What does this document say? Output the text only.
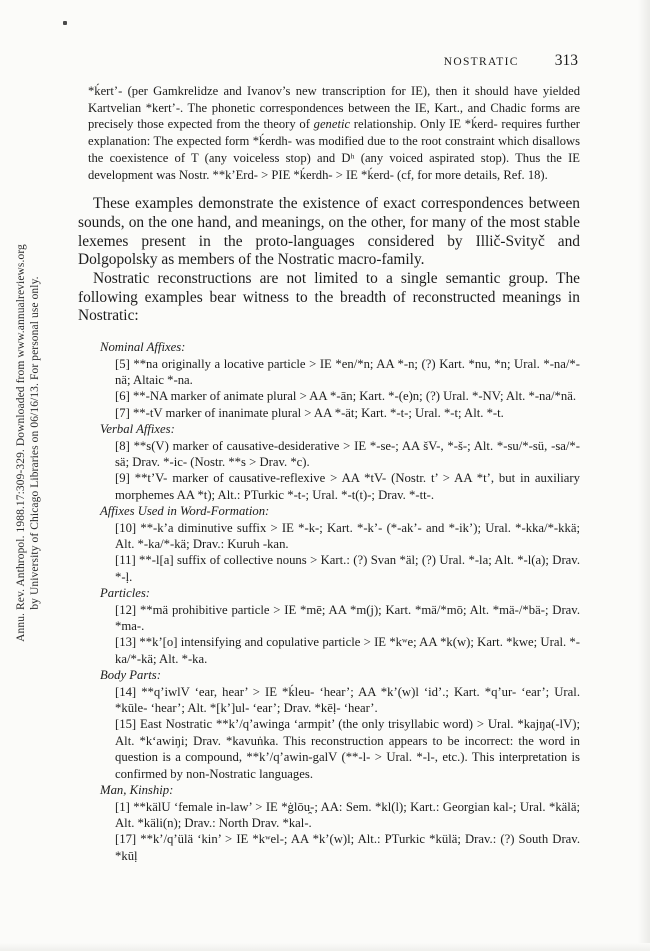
Annu. Rev. Anthropol. 1988.17:309-329. Downloaded from www.annualreviews.org by University of Chicago Libraries on 06/16/13. For personal use only.
NOSTRATIC 313
*ḱert’- (per Gamkrelidze and Ivanov’s new transcription for IE), then it should have yielded Kartvelian *kert’-. The phonetic correspondences between the IE, Kart., and Chadic forms are precisely those expected from the theory of genetic relationship. Only IE *ḱerd- requires further explanation: The expected form *ḱerdh- was modified due to the root constraint which disallows the coexistence of T (any voiceless stop) and Dʰ (any voiced aspirated stop). Thus the IE development was Nostr. **k’Erd- > PIE *ḱerdh- > IE *ḱerd- (cf, for more details, Ref. 18).

These examples demonstrate the existence of exact correspondences between sounds, on the one hand, and meanings, on the other, for many of the most stable lexemes present in the proto-languages considered by Illič-Svityč and Dolgopolsky as members of the Nostratic macro-family.

Nostratic reconstructions are not limited to a single semantic group. The following examples bear witness to the breadth of reconstructed meanings in Nostratic:

Nominal Affixes:
[5] **na originally a locative particle > IE *en/*n; AA *-n; (?) Kart. *nu, *n; Ural. *-na/*-nä; Altaic *-na.
[6] **-NA marker of animate plural > AA *-ān; Kart. *-(e)n; (?) Ural. *-NV; Alt. *-na/*nä.
[7] **-tV marker of inanimate plural > AA *-ät; Kart. *-t-; Ural. *-t; Alt. *-t.
Verbal Affixes:
[8] **s(V) marker of causative-desiderative > IE *-se-; AA šV-, *-š-; Alt. *-su/*-sü, -sa/*-sä; Drav. *-ic- (Nostr. **s > Drav. *c).
[9] **t’V- marker of causative-reflexive > AA *tV- (Nostr. t’ > AA *t’, but in auxiliary morphemes AA *t); Alt.: PTurkic *-t-; Ural. *-t(t)-; Drav. *-tt-.
Affixes Used in Word-Formation:
[10] **-k’a diminutive suffix > IE *-k-; Kart. *-k’- (*-ak’- and *-ik’); Ural. *-kka/*-kkä; Alt. *-ka/*-kä; Drav.: Kuruh -kan.
[11] **-l[a] suffix of collective nouns > Kart.: (?) Svan *äl; (?) Ural. *-la; Alt. *-l(a); Drav. *-ḷ.
Particles:
[12] **mä prohibitive particle > IE *mē; AA *m(j); Kart. *mä/*mō; Alt. *mä-/*bä-; Drav. *ma-.
[13] **k’[o] intensifying and copulative particle > IE *kʷe; AA *k(w); Kart. *kwe; Ural. *-ka/*-kä; Alt. *-ka.
Body Parts:
[14] **q’iwlV ‘ear, hear’ > IE *ḱleu- ‘hear’; AA *k’(w)l ‘id’.; Kart. *q’ur- ‘ear’; Ural. *kūle- ‘hear’; Alt. *[k’]ul- ‘ear’; Drav. *kēḷ- ‘hear’.
[15] East Nostratic **k’/q’awinga ‘armpit’ (the only trisyllabic word) > Ural. *kajŋa(-lV); Alt. *k‘awiŋi; Drav. *kavuṅka. This reconstruction appears to be incorrect: the word in question is a compound, **k’/q’awin-galV (**-l- > Ural. *-l-, etc.). This interpretation is confirmed by non-Nostratic languages.
Man, Kinship:
[1] **kälU ‘female in-law’ > IE *ġlōu̯-; AA: Sem. *kl(l); Kart.: Georgian kal-; Ural. *kälä; Alt. *käli(n); Drav.: North Drav. *kal-.
[17] **k’/q’ülä ‘kin’ > IE *kʷel-; AA *k’(w)l; Alt.: PTurkic *külä; Drav.: (?) South Drav. *kūḷ
